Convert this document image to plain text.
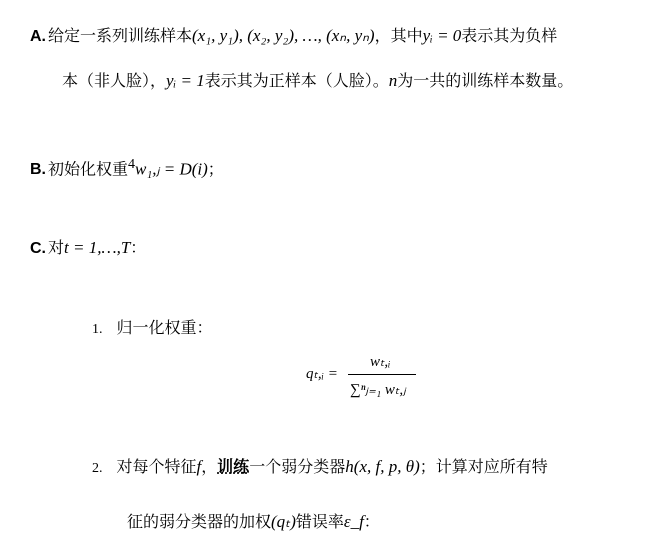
A. 给定一系列训练样本(x₁, y₁), (x₂, y₂), …, (xₙ, yₙ)，其中yᵢ = 0表示其为负样
本（非人脸），yᵢ = 1表示其为正样本（人脸）。n为一共的训练样本数量。
B. 初始化权重$^4$w₁,ⱼ = D(i)；
C. 对t = 1,…,T：
1. 归一化权重：
qₜ,ᵢ =
wₜ,ᵢ
∑ⁿⱼ₌₁ wₜ,ⱼ
2. 对每个特征f，训练一个弱分类器h(x, f, p, θ)；计算对应所有特
征的弱分类器的加权(qₜ)错误率ε_f：
